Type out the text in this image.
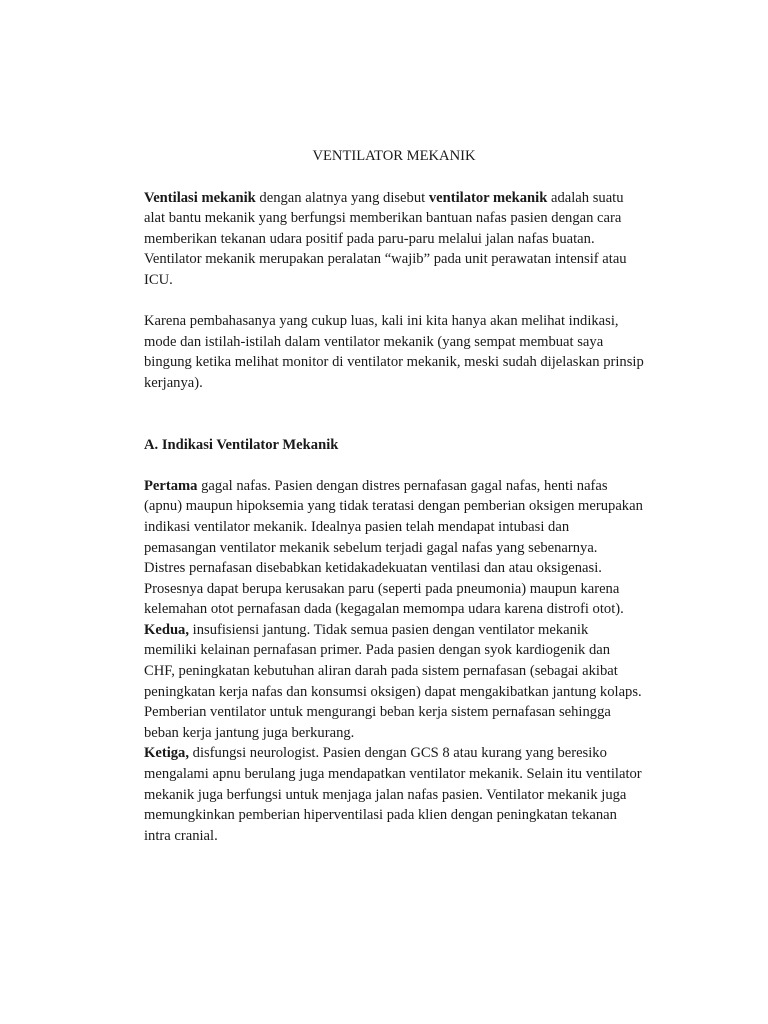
VENTILATOR MEKANIK

Ventilasi mekanik dengan alatnya yang disebut ventilator mekanik adalah suatu alat bantu mekanik yang berfungsi memberikan bantuan nafas pasien dengan cara memberikan tekanan udara positif pada paru-paru melalui jalan nafas buatan. Ventilator mekanik merupakan peralatan “wajib” pada unit perawatan intensif atau ICU.

Karena pembahasanya yang cukup luas, kali ini kita hanya akan melihat indikasi, mode dan istilah-istilah dalam ventilator mekanik (yang sempat membuat saya bingung ketika melihat monitor di ventilator mekanik, meski sudah dijelaskan prinsip kerjanya).

A. Indikasi Ventilator Mekanik

Pertama gagal nafas. Pasien dengan distres pernafasan gagal nafas, henti nafas (apnu) maupun hipoksemia yang tidak teratasi dengan pemberian oksigen merupakan indikasi ventilator mekanik. Idealnya pasien telah mendapat intubasi dan pemasangan ventilator mekanik sebelum terjadi gagal nafas yang sebenarnya.

Distres pernafasan disebabkan ketidakadekuatan ventilasi dan atau oksigenasi. Prosesnya dapat berupa kerusakan paru (seperti pada pneumonia) maupun karena kelemahan otot pernafasan dada (kegagalan memompa udara karena distrofi otot).

Kedua, insufisiensi jantung. Tidak semua pasien dengan ventilator mekanik memiliki kelainan pernafasan primer. Pada pasien dengan syok kardiogenik dan CHF, peningkatan kebutuhan aliran darah pada sistem pernafasan (sebagai akibat peningkatan kerja nafas dan konsumsi oksigen) dapat mengakibatkan jantung kolaps. Pemberian ventilator untuk mengurangi beban kerja sistem pernafasan sehingga beban kerja jantung juga berkurang.

Ketiga, disfungsi neurologist. Pasien dengan GCS 8 atau kurang yang beresiko mengalami apnu berulang juga mendapatkan ventilator mekanik. Selain itu ventilator mekanik juga berfungsi untuk menjaga jalan nafas pasien. Ventilator mekanik juga memungkinkan pemberian hiperventilasi pada klien dengan peningkatan tekanan intra cranial.
